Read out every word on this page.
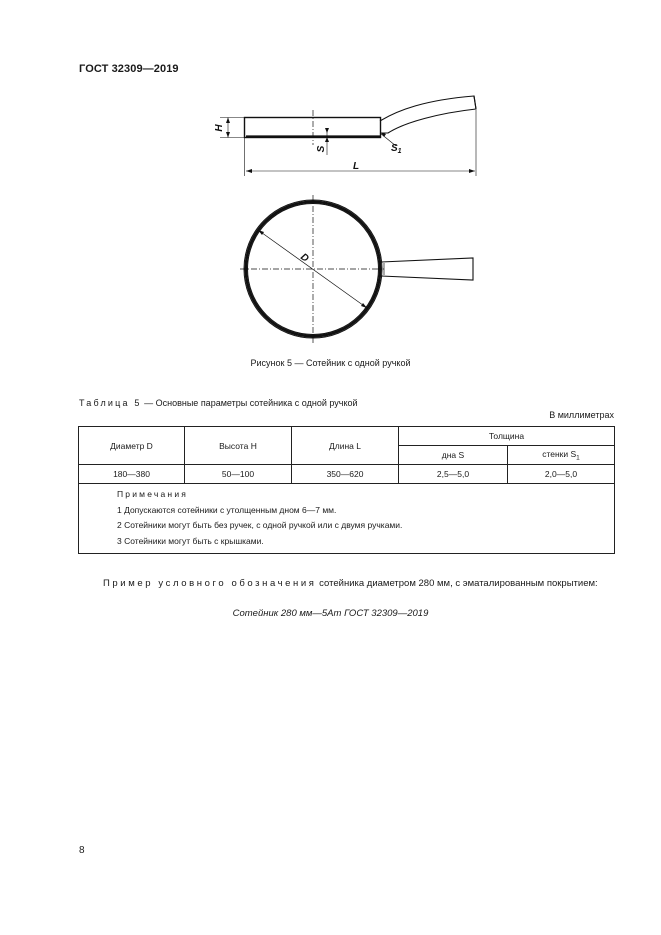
ГОСТ 32309—2019
H
S	$S_1$
L
D
Рисунок 5 — Сотейник с одной ручкой
Таблица 5 — Основные параметры сотейника с одной ручкой
В миллиметрах
Диаметр D	Высота H	Длина L	Толщина	
			дна S	стенки $S_1$
180—380	50—100	350—620	2,5—5,0	2,0—5,0

Примечания
1 Допускаются сотейники с утолщенным дном 6—7 мм.
2 Сотейники могут быть без ручек, с одной ручкой или с двумя ручками.
3 Сотейники могут быть с крышками.				
Пример условного обозначения сотейника диаметром 280 мм, с эматалированным покрытием:
Сотейник 280 мм—5Ат ГОСТ 32309—2019
8
